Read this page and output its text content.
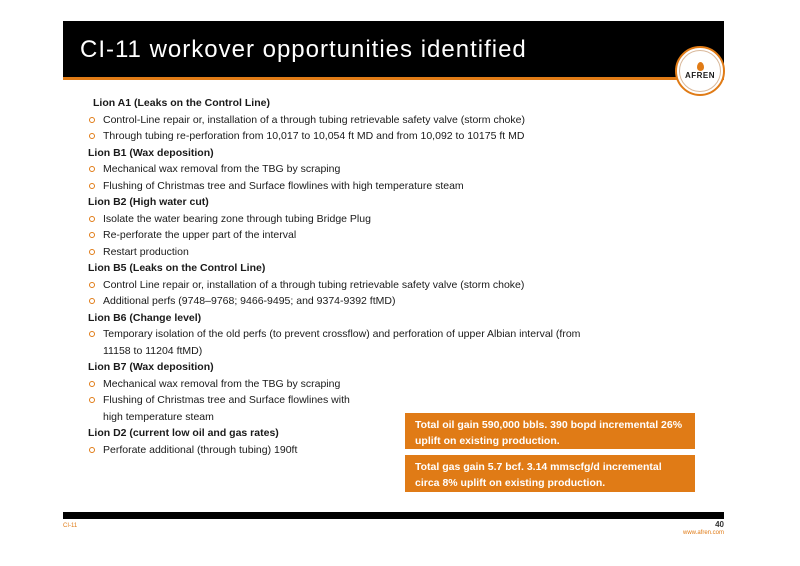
CI-11 workover opportunities identified
AFREN
Lion A1 (Leaks on the Control Line)
Control-Line repair or, installation of a through tubing retrievable safety valve (storm choke)
Through tubing re-perforation from 10,017 to 10,054 ft MD and from 10,092 to 10175 ft MD
Lion B1 (Wax deposition)
Mechanical wax removal from the TBG by scraping
Flushing of Christmas tree and Surface flowlines with high temperature steam
Lion B2 (High water cut)
Isolate the water bearing zone through tubing Bridge Plug
Re-perforate the upper part of the interval
Restart production
Lion B5 (Leaks on the Control Line)
Control Line repair or, installation of a through tubing retrievable safety valve (storm choke)
Additional perfs (9748–9768; 9466-9495; and 9374-9392 ftMD)
Lion B6 (Change level)
Temporary isolation of the old perfs (to prevent crossflow) and perforation of upper Albian interval (from 11158 to 11204 ftMD)
Lion B7 (Wax deposition)
Mechanical wax removal from the TBG by scraping
Flushing of Christmas tree and Surface flowlines with high temperature steam
Lion D2 (current low oil and gas rates)
Perforate additional (through tubing) 190ft
Total oil gain 590,000 bbls. 390 bopd incremental 26% uplift on existing production.
Total gas gain 5.7 bcf. 3.14 mmscfg/d incremental circa 8% uplift on existing production.
CI-11	40
www.afren.com
